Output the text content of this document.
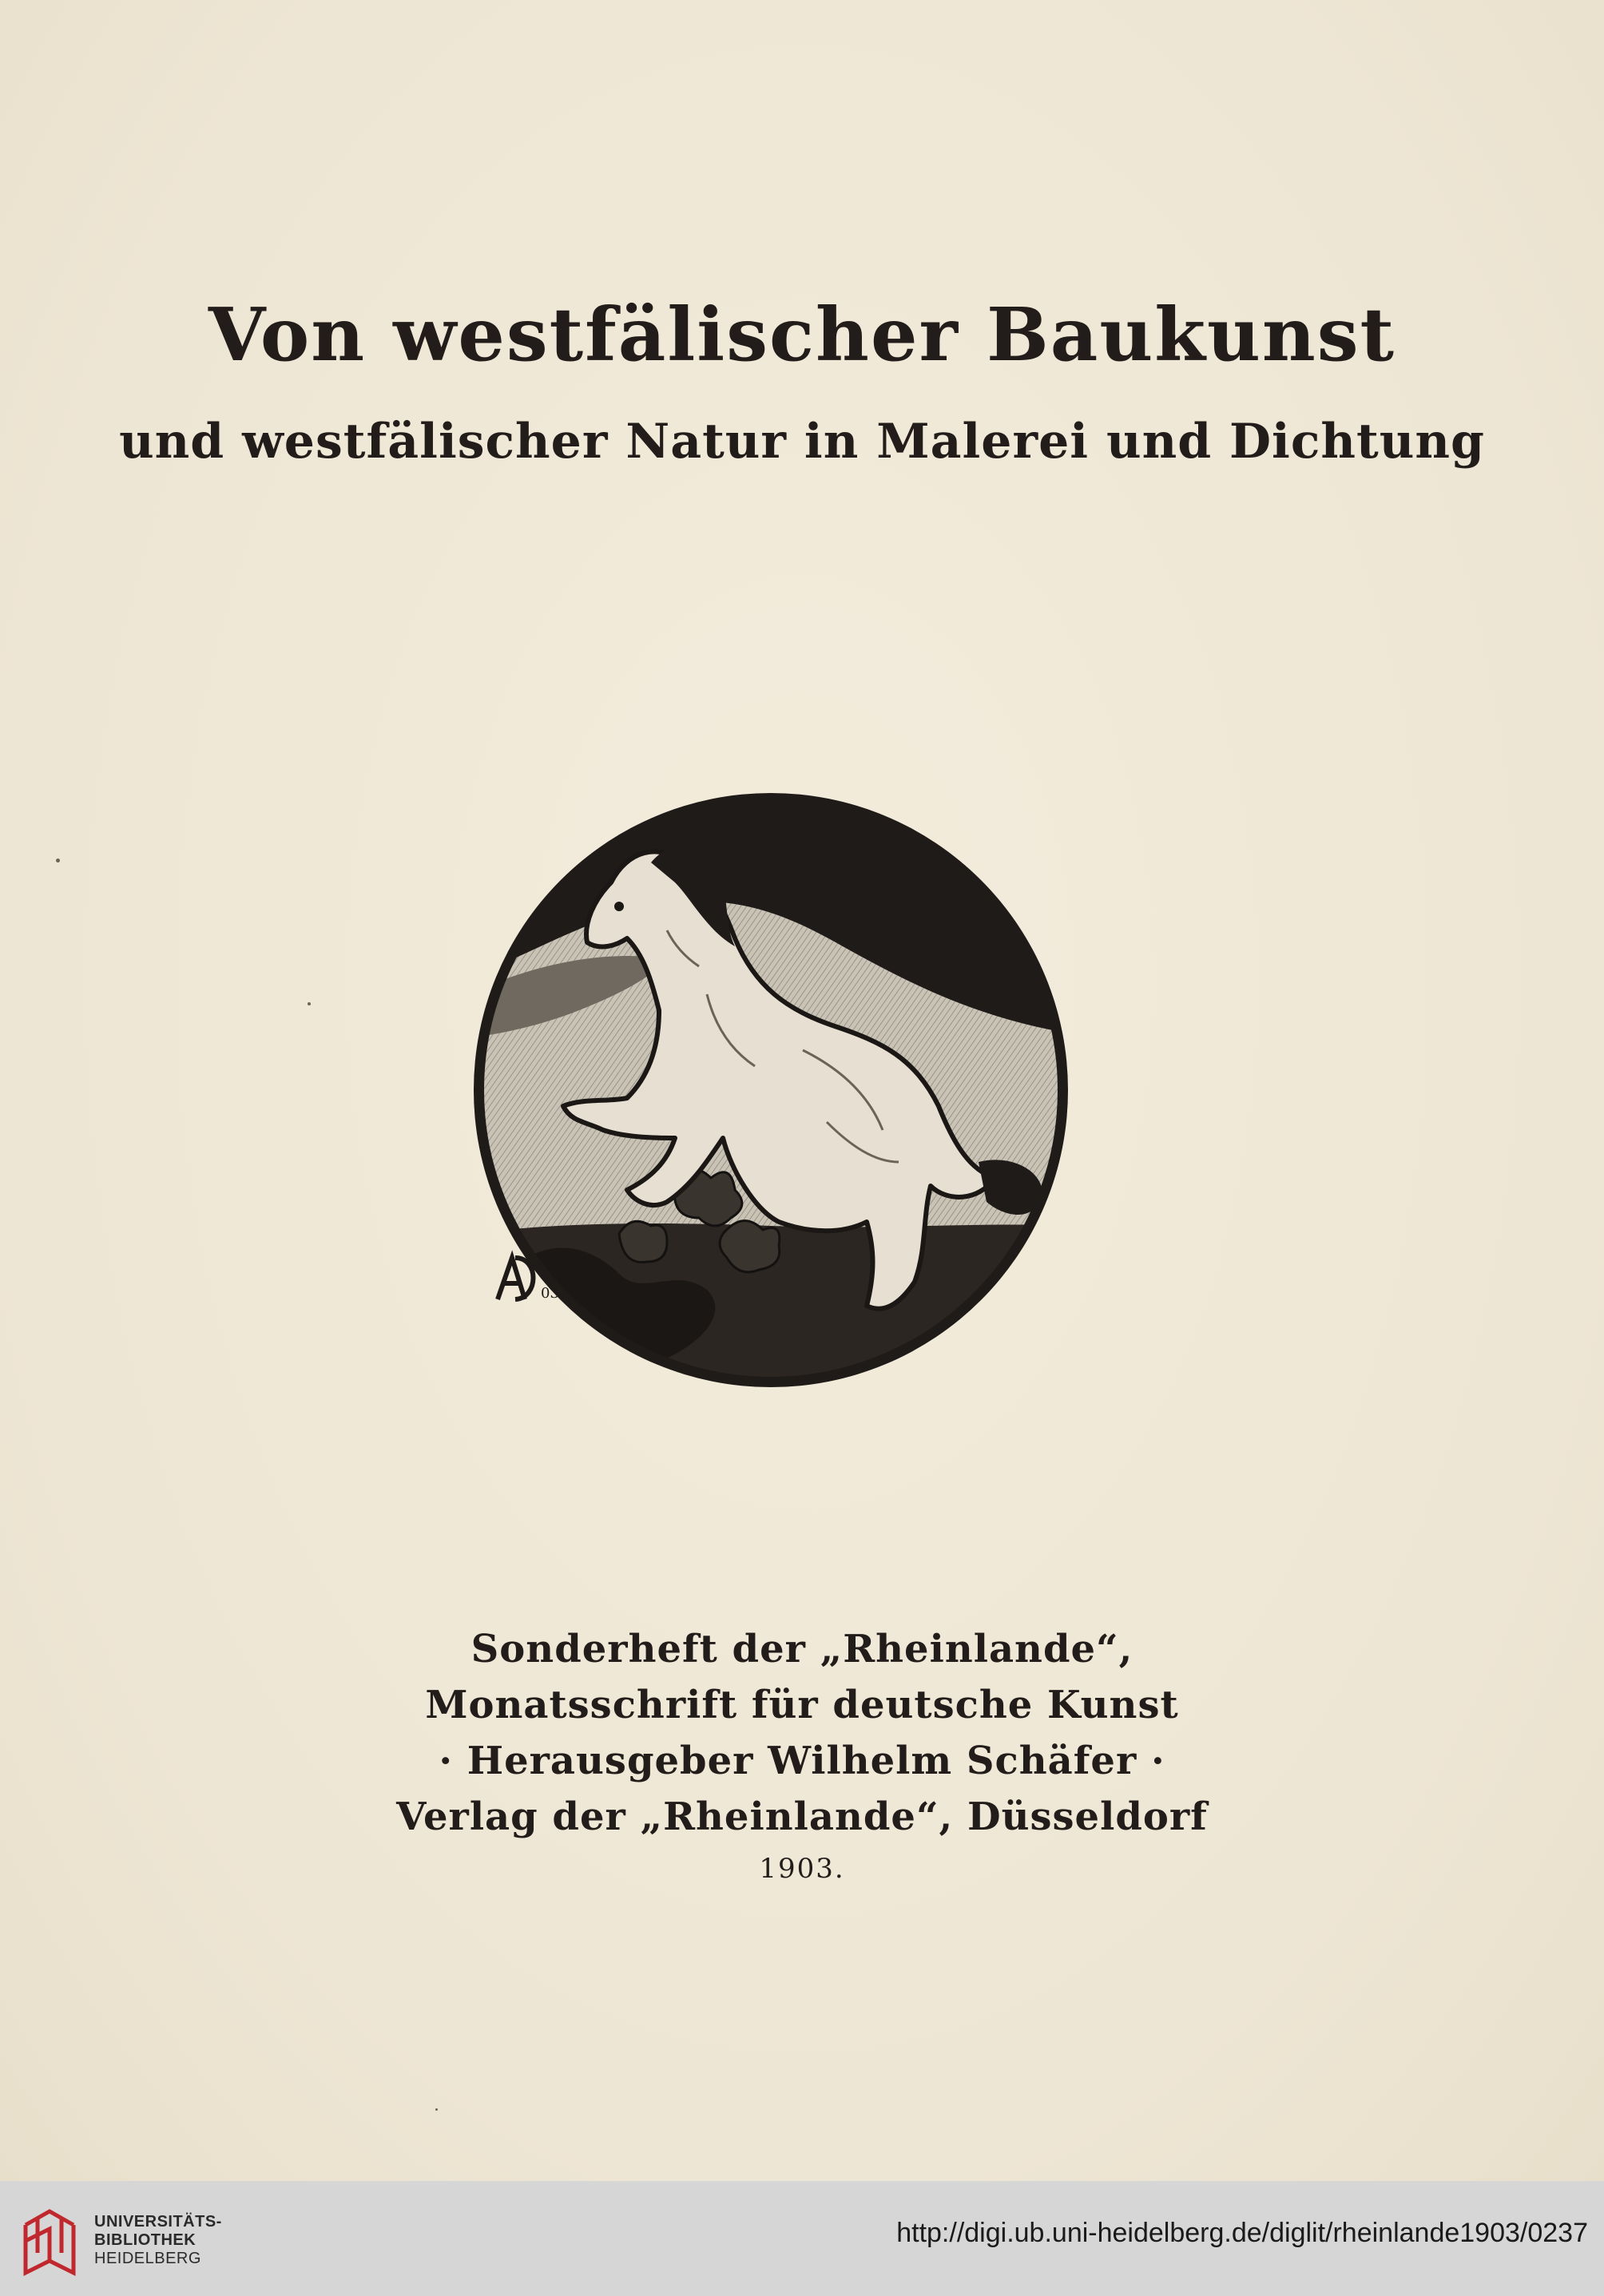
Von westfälischer Baukunst
und westfälischer Natur in Malerei und Dichtung
03
Sonderheft der „Rheinlande“,
Monatsschrift für deutsche Kunst
· Herausgeber Wilhelm Schäfer ·
Verlag der „Rheinlande“, Düsseldorf
1903.
UNIVERSITÄTS-
BIBLIOTHEK
HEIDELBERG
http://digi.ub.uni-heidelberg.de/diglit/rheinlande1903/0237
